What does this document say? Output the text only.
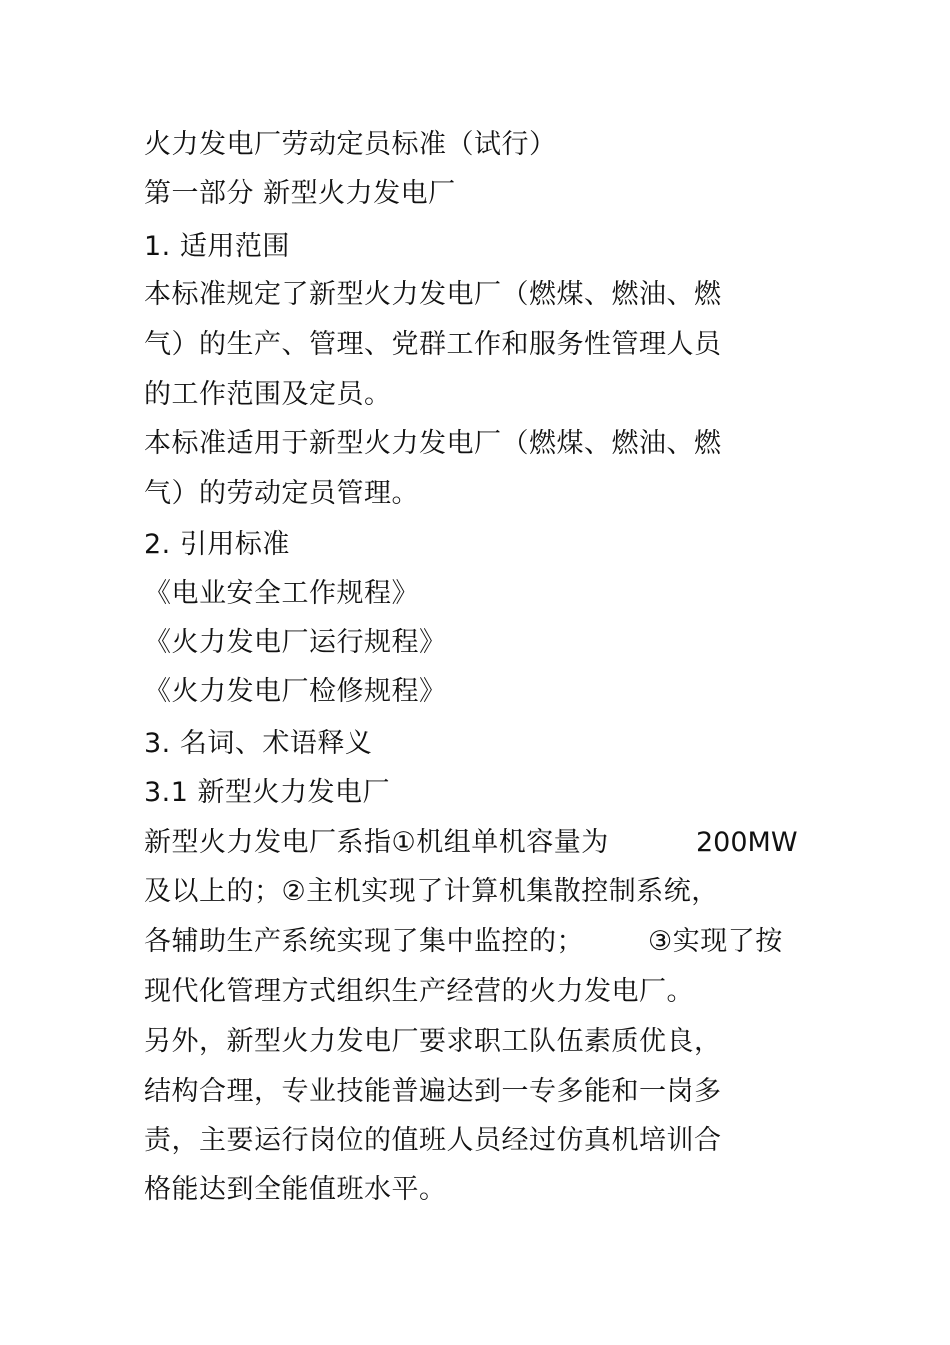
火力发电厂劳动定员标准（试行）
第一部分 新型火力发电厂
1. 适用范围
本标准规定了新型火力发电厂（燃煤、燃油、燃
气）的生产、管理、党群工作和服务性管理人员
的工作范围及定员。
本标准适用于新型火力发电厂（燃煤、燃油、燃
气）的劳动定员管理。
2. 引用标准
《电业安全工作规程》
《火力发电厂运行规程》
《火力发电厂检修规程》
3. 名词、术语释义
3.1 新型火力发电厂
新型火力发电厂系指①机组单机容量为	200MW
及以上的；②主机实现了计算机集散控制系统，
各辅助生产系统实现了集中监控的； ③实现了按
现代化管理方式组织生产经营的火力发电厂。
另外，新型火力发电厂要求职工队伍素质优良，
结构合理，专业技能普遍达到一专多能和一岗多
责，主要运行岗位的值班人员经过仿真机培训合
格能达到全能值班水平。
